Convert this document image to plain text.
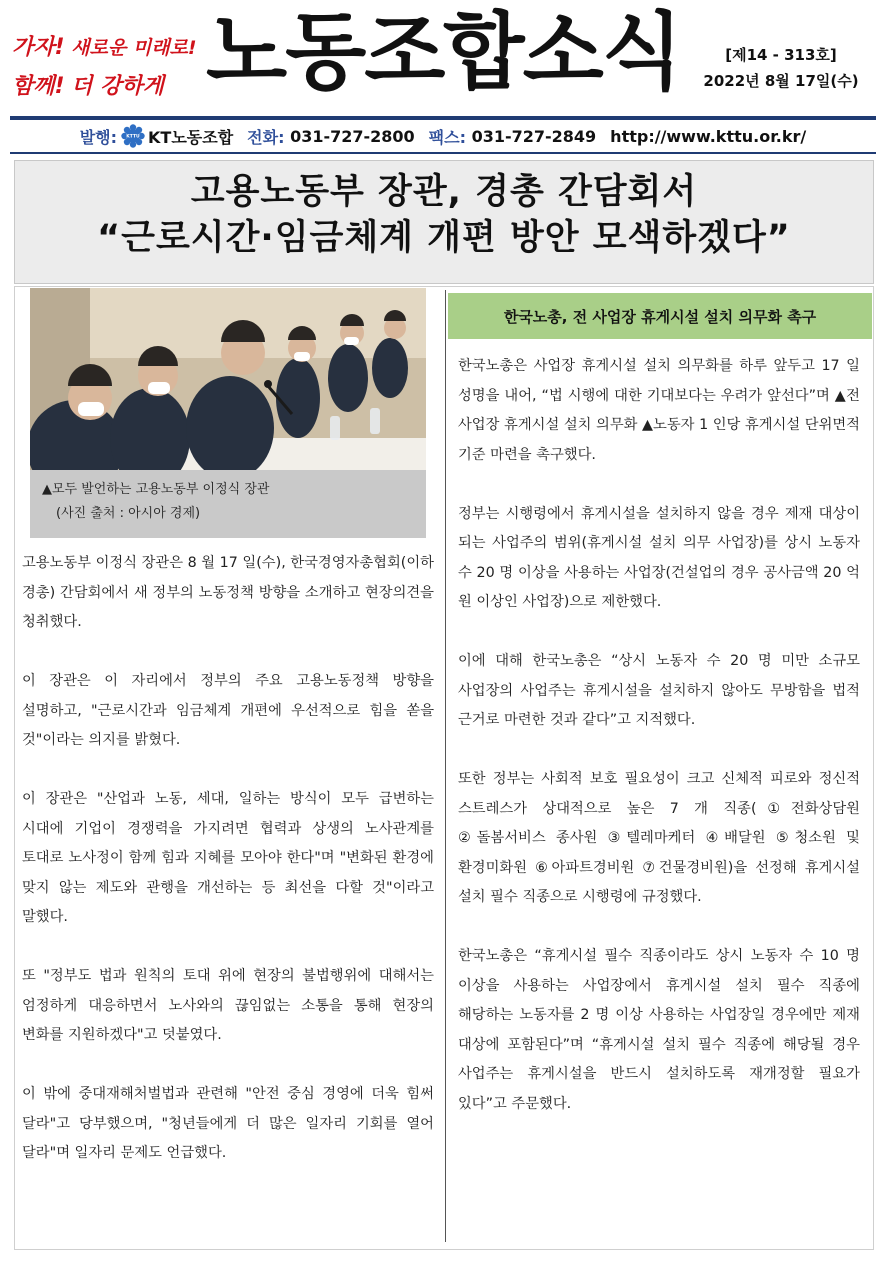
가자! 새로운 미래로!
함께! 더 강하게 노동조합소식	[제14 - 313호]
2022년 8월 17일(수)
발행: KTTU KT노동조합 전화:
031-727-2800 팩스:
031-727-2849 http://www.kttu.or.kr/
고용노동부 장관, 경총 간담회서
“근로시간·임금체계 개편 방안 모색하겠다”
▲모두 발언하는 고용노동부 이정식 장관
(사진 출처 : 아시아 경제)

고용노동부 이정식 장관은 8 월 17 일(수), 한국경영자총협회(이하 경총) 간담회에서 새 정부의 노동정책 방향을 소개하고 현장의견을 청취했다.

이 장관은 이 자리에서 정부의 주요 고용노동정책 방향을 설명하고, "근로시간과 임금체계 개편에 우선적으로 힘을 쏟을 것"이라는 의지를 밝혔다.

이 장관은 "산업과 노동, 세대, 일하는 방식이 모두 급변하는 시대에 기업이 경쟁력을 가지려면 협력과 상생의 노사관계를 토대로 노사정이 함께 힘과 지혜를 모아야 한다"며 "변화된 환경에 맞지 않는 제도와 관행을 개선하는 등 최선을 다할 것"이라고 말했다.

또 "정부도 법과 원칙의 토대 위에 현장의 불법행위에 대해서는 엄정하게 대응하면서 노사와의 끊임없는 소통을 통해 현장의 변화를 지원하겠다"고 덧붙였다.

이 밖에 중대재해처벌법과 관련해 "안전 중심 경영에 더욱 힘써 달라"고 당부했으며, "청년들에게 더 많은 일자리 기회를 열어 달라"며 일자리 문제도 언급했다.

한국노총, 전 사업장 휴게시설 설치 의무화 촉구

한국노총은 사업장 휴게시설 설치 의무화를 하루 앞두고 17 일 성명을 내어, “법 시행에 대한 기대보다는 우려가 앞선다”며 ▲전 사업장 휴게시설 설치 의무화 ▲노동자 1 인당 휴게시설 단위면적 기준 마련을 촉구했다.

정부는 시행령에서 휴게시설을 설치하지 않을 경우 제재 대상이 되는 사업주의 범위(휴게시설 설치 의무 사업장)를 상시 노동자 수 20 명 이상을 사용하는 사업장(건설업의 경우 공사금액 20 억 원 이상인 사업장)으로 제한했다.

이에 대해 한국노총은 “상시 노동자 수 20 명 미만 소규모 사업장의 사업주는 휴게시설을 설치하지 않아도 무방함을 법적 근거로 마련한 것과 같다”고 지적했다.

또한 정부는 사회적 보호 필요성이 크고 신체적 피로와 정신적 스트레스가 상대적으로 높은 7 개 직종(①전화상담원 ②돌봄서비스 종사원 ③텔레마케터 ④배달원 ⑤청소원 및 환경미화원 ⑥아파트경비원 ⑦건물경비원)을 선정해 휴게시설 설치 필수 직종으로 시행령에 규정했다.

한국노총은 “휴게시설 필수 직종이라도 상시 노동자 수 10 명 이상을 사용하는 사업장에서 휴게시설 설치 필수 직종에 해당하는 노동자를 2 명 이상 사용하는 사업장일 경우에만 제재 대상에 포함된다”며 “휴게시설 설치 필수 직종에 해당될 경우 사업주는 휴게시설을 반드시 설치하도록 재개정할 필요가 있다”고 주문했다.
